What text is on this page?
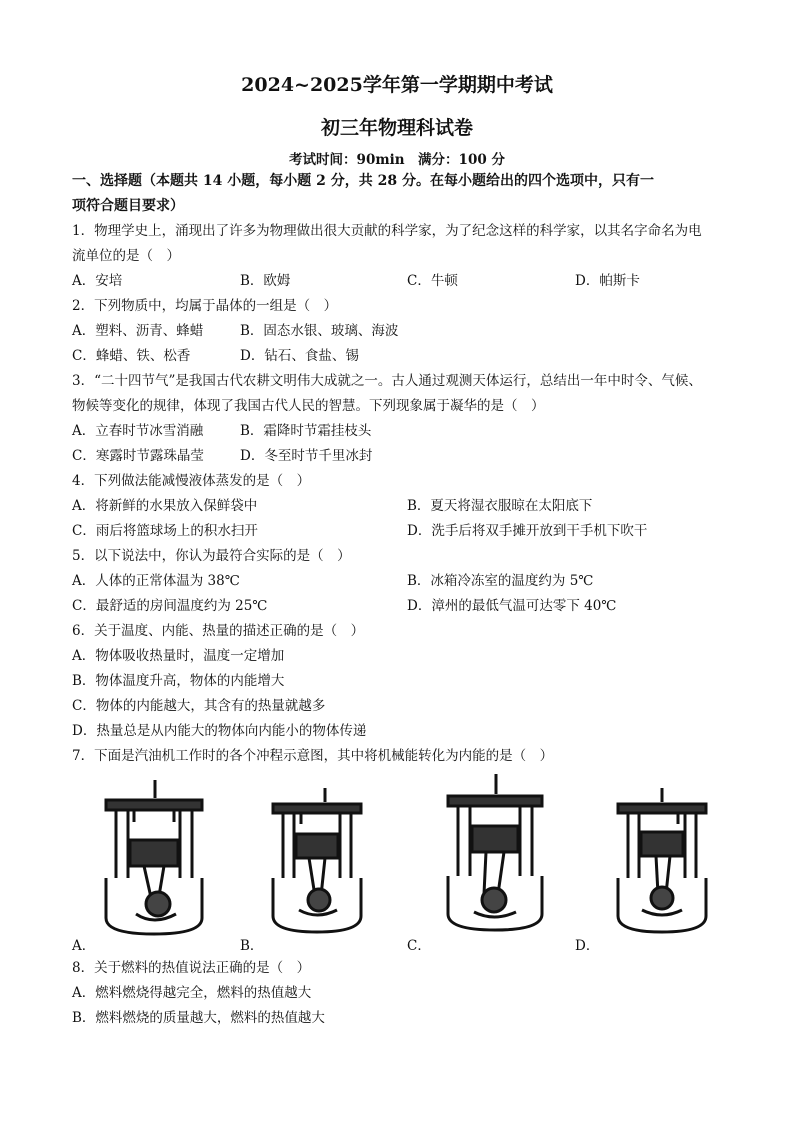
2024~2025学年第一学期期中考试
初三年物理科试卷
考试时间：90min　满分：100 分
一、选择题（本题共 14 小题，每小题 2 分，共 28 分。在每小题给出的四个选项中，只有一
项符合题目要求）
1．物理学史上，涌现出了许多为物理做出很大贡献的科学家，为了纪念这样的科学家，以其名字命名为电
流单位的是（　）
A．安培	B．欧姆	C．牛顿	D．帕斯卡
2．下列物质中，均属于晶体的一组是（　）
A．塑料、沥青、蜂蜡	B．固态水银、玻璃、海波
C．蜂蜡、铁、松香	D．钻石、食盐、锡
3．“二十四节气”是我国古代农耕文明伟大成就之一。古人通过观测天体运行，总结出一年中时令、气候、
物候等变化的规律，体现了我国古代人民的智慧。下列现象属于凝华的是（　）
A．立春时节冰雪消融	B．霜降时节霜挂枝头
C．寒露时节露珠晶莹	D．冬至时节千里冰封
4．下列做法能减慢液体蒸发的是（　）
A．将新鲜的水果放入保鲜袋中	B．夏天将湿衣服晾在太阳底下
C．雨后将篮球场上的积水扫开	D．洗手后将双手摊开放到干手机下吹干
5．以下说法中，你认为最符合实际的是（　）
A．人体的正常体温为 38℃	B．冰箱冷冻室的温度约为 5℃
C．最舒适的房间温度约为 25℃	D．漳州的最低气温可达零下 40℃
6．关于温度、内能、热量的描述正确的是（　）
A．物体吸收热量时，温度一定增加
B．物体温度升高，物体的内能增大
C．物体的内能越大，其含有的热量就越多
D．热量总是从内能大的物体向内能小的物体传递
7．下面是汽油机工作时的各个冲程示意图，其中将机械能转化为内能的是（　）
A．	B．	C．	D．
8．关于燃料的热值说法正确的是（　）
A．燃料燃烧得越完全，燃料的热值越大
B．燃料燃烧的质量越大，燃料的热值越大
